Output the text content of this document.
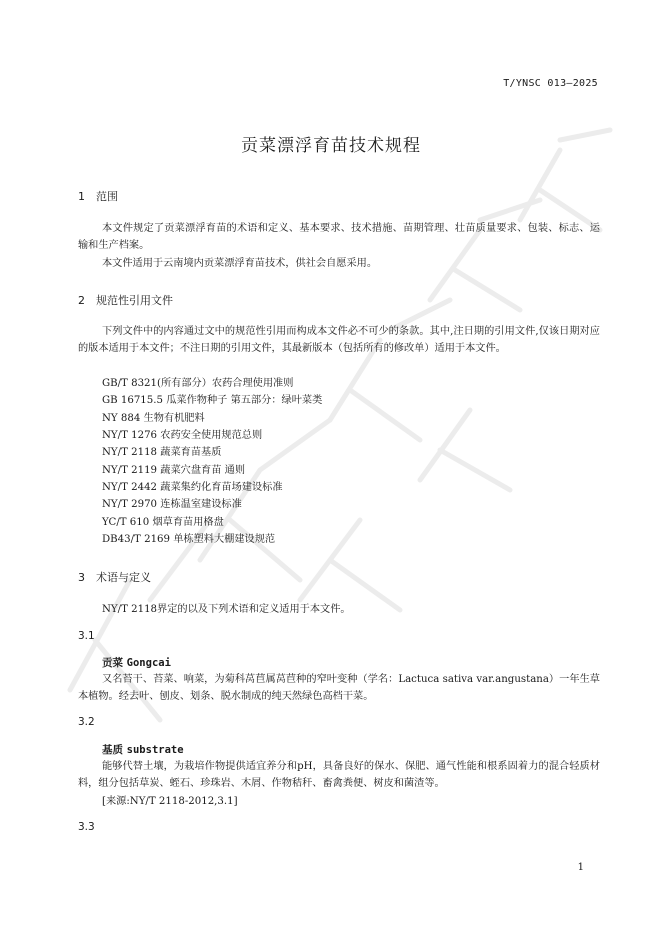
T/YNSC 013—2025
贡菜漂浮育苗技术规程
1 范围
本文件规定了贡菜漂浮育苗的术语和定义、基本要求、技术措施、苗期管理、壮苗质量要求、包装、标志、运输和生产档案。
本文件适用于云南境内贡菜漂浮育苗技术，供社会自愿采用。
2 规范性引用文件
下列文件中的内容通过文中的规范性引用而构成本文件必不可少的条款。其中,注日期的引用文件,仅该日期对应的版本适用于本文件；不注日期的引用文件，其最新版本（包括所有的修改单）适用于本文件。
GB/T 8321(所有部分）农药合理使用准则
GB 16715.5 瓜菜作物种子 第五部分：绿叶菜类
NY 884 生物有机肥料
NY/T 1276 农药安全使用规范总则
NY/T 2118 蔬菜育苗基质
NY/T 2119 蔬菜穴盘育苗 通则
NY/T 2442 蔬菜集约化育苗场建设标准
NY/T 2970 连栋温室建设标准
YC/T 610 烟草育苗用格盘
DB43/T 2169 单栋塑料大棚建设规范
3 术语与定义
NY/T 2118界定的以及下列术语和定义适用于本文件。
3.1
贡菜 Gongcai
又名苔干、苔菜、响菜，为菊科莴苣属莴苣种的窄叶变种（学名：Lactuca sativa var.angustana）一年生草本植物。经去叶、刨皮、划条、脱水制成的纯天然绿色高档干菜。
3.2
基质 substrate
能够代替土壤，为栽培作物提供适宜养分和pH，具备良好的保水、保肥、通气性能和根系固着力的混合轻质材料，组分包括草炭、蛭石、珍珠岩、木屑、作物秸秆、畜禽粪便、树皮和菌渣等。
[来源:NY/T 2118-2012,3.1]
3.3
1
